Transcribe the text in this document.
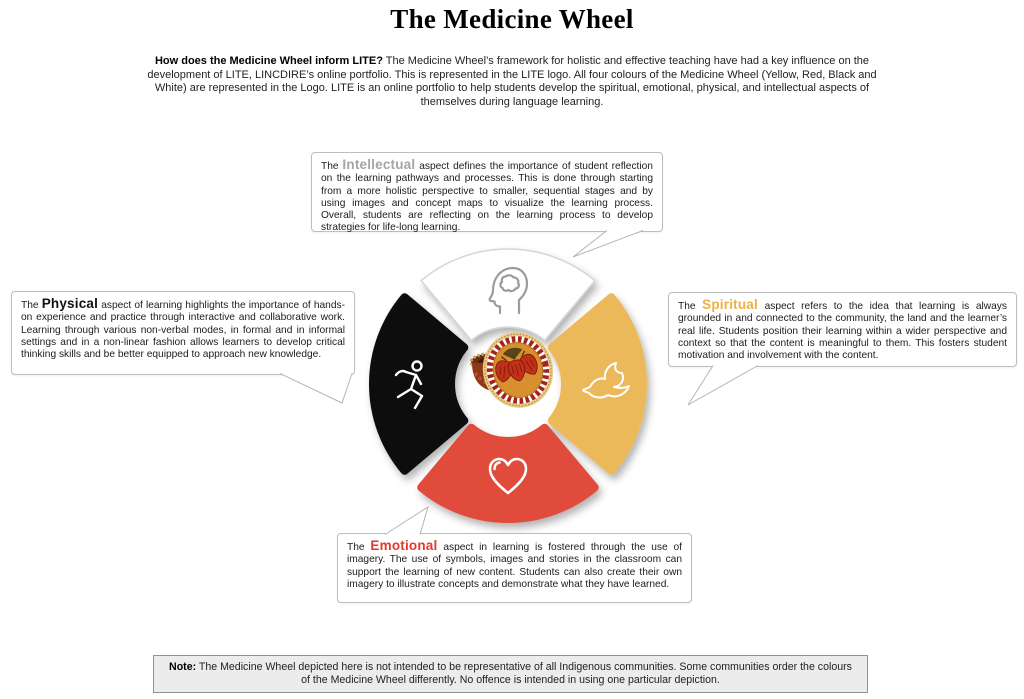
The Medicine Wheel

How does the Medicine Wheel inform LITE? The Medicine Wheel’s framework for holistic and effective teaching have had a key influence on the development of LITE, LINCDIRE’s online portfolio. This is represented in the LITE logo. All four colours of the Medicine Wheel (Yellow, Red, Black and White) are represented in the Logo. LITE is an online portfolio to help students develop the spiritual, emotional, physical, and intellectual aspects of themselves during language learning.

The Intellectual aspect defines the importance of student reflection on the learning pathways and processes. This is done through starting from a more holistic perspective to smaller, sequential stages and by using images and concept maps to visualize the learning process. Overall, students are reflecting on the learning process to develop strategies for life-long learning.
The Physical aspect of learning highlights the importance of hands-on experience and practice through interactive and collaborative work. Learning through various non-verbal modes, in formal and in informal settings and in a non-linear fashion allows learners to develop critical thinking skills and be better equipped to approach new knowledge.
The Spiritual aspect refers to the idea that learning is always grounded in and connected to the community, the land and the learner’s real life. Students position their learning within a wider perspective and context so that the content is meaningful to them. This fosters student motivation and involvement with the content.
The Emotional aspect in learning is fostered through the use of imagery. The use of symbols, images and stories in the classroom can support the learning of new content. Students can also create their own imagery to illustrate concepts and demonstrate what they have learned.
Note: The Medicine Wheel depicted here is not intended to be representative of all Indigenous communities. Some communities order the colours of the Medicine Wheel differently. No offence is intended in using one particular depiction.
